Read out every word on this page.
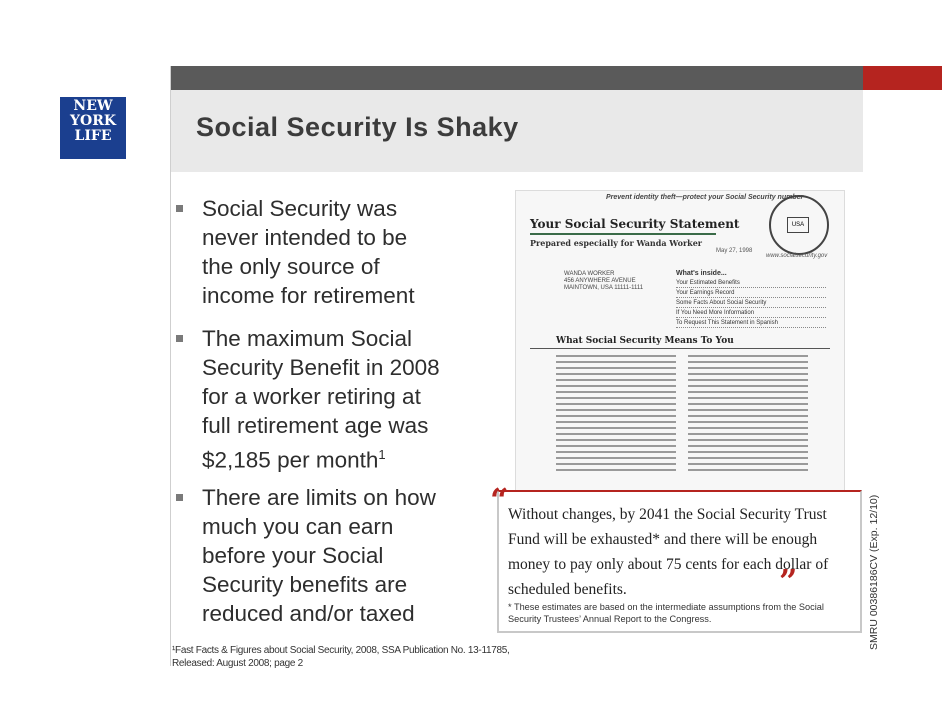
NEW
YORK
LIFE	Social Security Is Shaky
Social Security was
never intended to be
the only source of
income for retirement
The maximum Social
Security Benefit in 2008
for a worker retiring at
full retirement age was
$2,185 per month$^1$
There are limits on how
much you can earn
before your Social
Security benefits are
reduced and/or taxed
¹Fast Facts & Figures about Social Security, 2008, SSA Publication No. 13-11785,
Released: August 2008; page 2
Prevent identity theft—protect your Social Security number
Your Social Security Statement
Prepared especially for Wanda Worker
USA
May 27, 1998
www.socialsecurity.gov
WANDA WORKER
456 ANYWHERE AVENUE
MAINTOWN, USA 11111-1111
What's inside...
Your Estimated Benefits
Your Earnings Record
Some Facts About Social Security
If You Need More Information
To Request This Statement in Spanish
What Social Security Means To You
“ Without changes, by 2041 the Social Security Trust Fund will be exhausted* and there will be enough money to pay only about 75 cents for each dollar of scheduled benefits.	”
* These estimates are based on the intermediate assumptions from the Social Security Trustees’ Annual Report to the Congress.	SMRU 00386186CV (Exp. 12/10)
